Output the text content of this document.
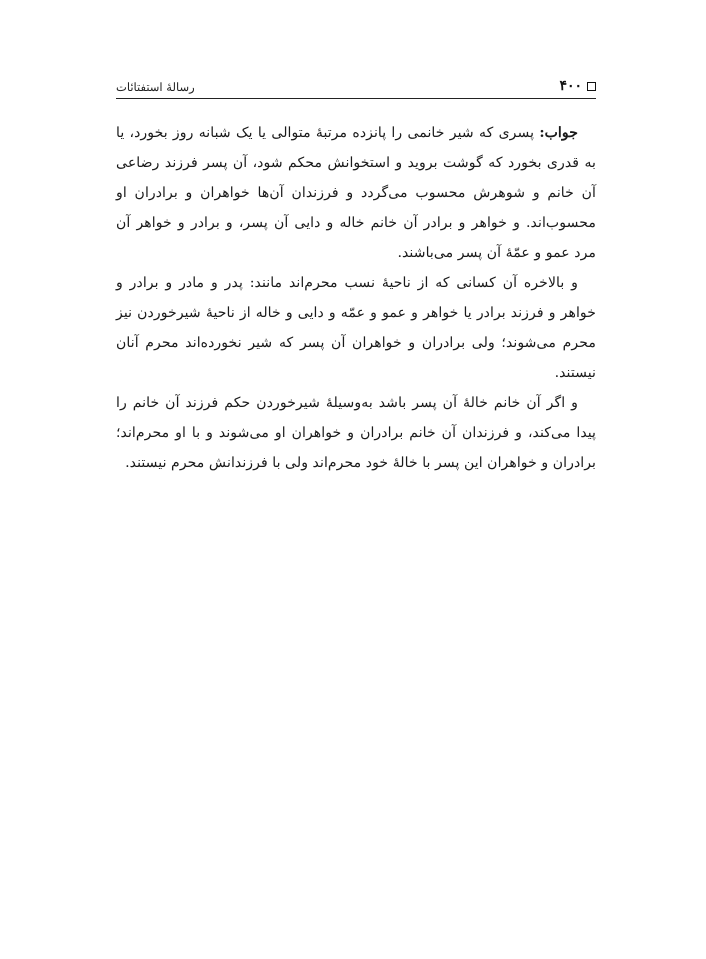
۴۰۰
رسالهٔ استفتائات

جواب: پسری که شیر خانمی را پانزده مرتبهٔ متوالی یا یک شبانه روز بخورد، یا به قدری بخورد که گوشت بروید و استخوانش محکم شود، آن پسر فرزند رضاعی آن خانم و شوهرش محسوب می‌گردد و فرزندان آن‌ها خواهران و برادران او محسوب‌اند. و خواهر و برادر آن خانم خاله و دایی آن پسر، و برادر و خواهر آن مرد عمو و عمّهٔ آن پسر می‌باشند.

و بالاخره آن کسانی که از ناحیهٔ نسب محرم‌اند مانند: پدر و مادر و برادر و خواهر و فرزند برادر یا خواهر و عمو و عمّه و دایی و خاله از ناحیهٔ شیرخوردن نیز محرم می‌شوند؛ ولی برادران و خواهران آن پسر که شیر نخورده‌اند محرم آنان نیستند.

و اگر آن خانم خالهٔ آن پسر باشد به‌وسیلهٔ شیرخوردن حکم فرزند آن خانم را پیدا می‌کند، و فرزندان آن خانم برادران و خواهران او می‌شوند و با او محرم‌اند؛ برادران و خواهران این پسر با خالهٔ خود محرم‌اند ولی با فرزندانش محرم نیستند.
